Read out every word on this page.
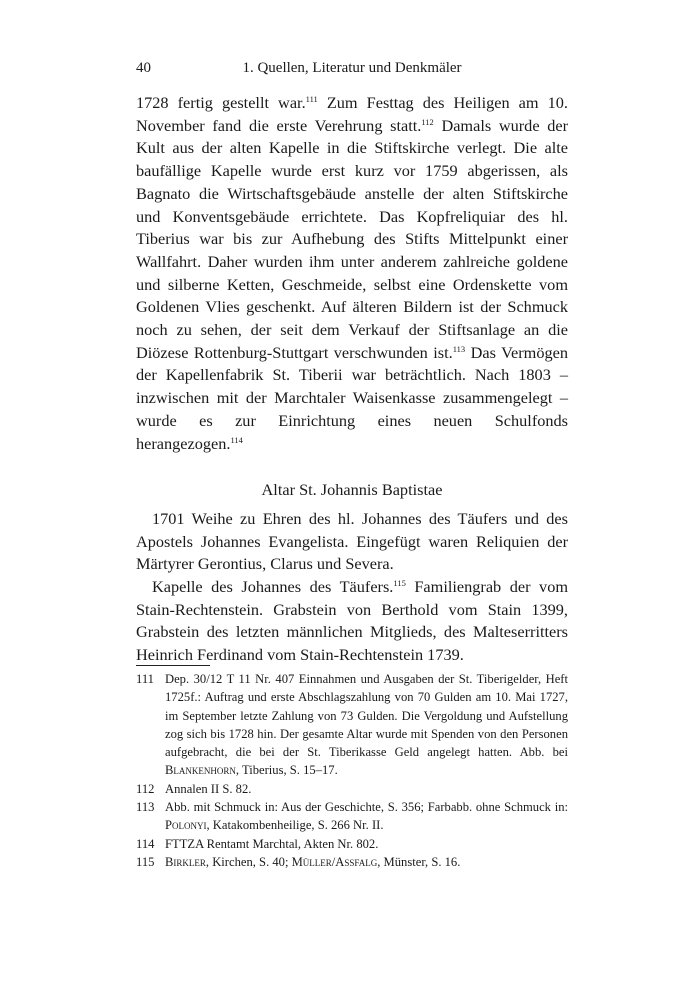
40	1. Quellen, Literatur und Denkmäler

1728 fertig gestellt war.$^{111}$ Zum Festtag des Heiligen am 10. November fand die erste Verehrung statt.$^{112}$ Damals wurde der Kult aus der alten Kapelle in die Stiftskirche verlegt. Die alte baufällige Kapelle wurde erst kurz vor 1759 abgerissen, als Bagnato die Wirtschaftsgebäude anstelle der alten Stiftskirche und Konventsgebäude errichtete. Das Kopfreliquiar des hl. Tiberius war bis zur Aufhebung des Stifts Mittelpunkt einer Wallfahrt. Daher wurden ihm unter anderem zahlreiche goldene und silberne Ketten, Geschmeide, selbst eine Ordenskette vom Goldenen Vlies geschenkt. Auf älteren Bildern ist der Schmuck noch zu sehen, der seit dem Verkauf der Stiftsanlage an die Diözese Rottenburg-Stuttgart verschwunden ist.$^{113}$ Das Vermögen der Kapellenfabrik St. Tiberii war beträchtlich. Nach 1803 – inzwischen mit der Marchtaler Waisenkasse zusammengelegt – wurde es zur Einrichtung eines neuen Schulfonds herangezogen.$^{114}$

Altar St. Johannis Baptistae

1701 Weihe zu Ehren des hl. Johannes des Täufers und des Apostels Johannes Evangelista. Eingefügt waren Reliquien der Märtyrer Gerontius, Clarus und Severa.

Kapelle des Johannes des Täufers.$^{115}$ Familiengrab der vom Stain-Rechtenstein. Grabstein von Berthold vom Stain 1399, Grabstein des letzten männlichen Mitglieds, des Malteserritters Heinrich Ferdinand vom Stain-Rechtenstein 1739.

111 Dep. 30/12 T 11 Nr. 407 Einnahmen und Ausgaben der St. Tiberigelder, Heft 1725f.: Auftrag und erste Abschlagszahlung von 70 Gulden am 10. Mai 1727, im September letzte Zahlung von 73 Gulden. Die Vergoldung und Aufstellung zog sich bis 1728 hin. Der gesamte Altar wurde mit Spenden von den Personen aufgebracht, die bei der St. Tiberikasse Geld angelegt hatten. Abb. bei Blankenhorn, Tiberius, S. 15–17.
112 Annalen II S. 82.
113 Abb. mit Schmuck in: Aus der Geschichte, S. 356; Farbabb. ohne Schmuck in: Polonyi, Katakombenheilige, S. 266 Nr. II.
114 FTTZA Rentamt Marchtal, Akten Nr. 802.
115 Birkler, Kirchen, S. 40; Müller/Assfalg, Münster, S. 16.
